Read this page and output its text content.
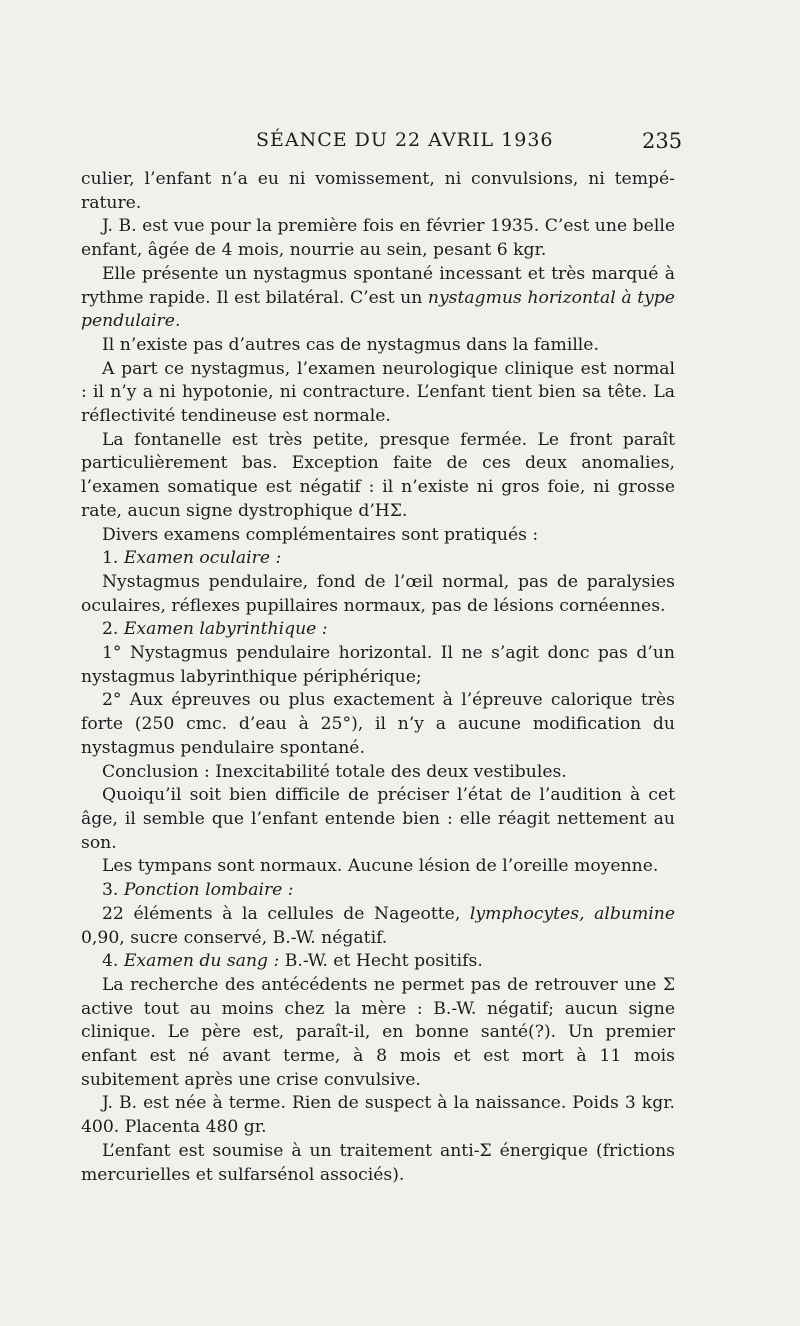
SÉANCE DU 22 AVRIL 1936	235

culier, l’enfant n’a eu ni vomissement, ni convulsions, ni tempé-rature.

J. B. est vue pour la première fois en février 1935. C’est une belle enfant, âgée de 4 mois, nourrie au sein, pesant 6 kgr.

Elle présente un nystagmus spontané incessant et très marqué à rythme rapide. Il est bilatéral. C’est un nystagmus horizontal à type pendulaire.

Il n’existe pas d’autres cas de nystagmus dans la famille.

A part ce nystagmus, l’examen neurologique clinique est normal : il n’y a ni hypotonie, ni contracture. L’enfant tient bien sa tête. La réflectivité tendineuse est normale.

La fontanelle est très petite, presque fermée. Le front paraît particulièrement bas. Exception faite de ces deux anomalies, l’examen somatique est négatif : il n’existe ni gros foie, ni grosse rate, aucun signe dystrophique d’HΣ.

Divers examens complémentaires sont pratiqués :

1. Examen oculaire :

Nystagmus pendulaire, fond de l’œil normal, pas de paralysies oculaires, réflexes pupillaires normaux, pas de lésions cornéennes.

2. Examen labyrinthique :

1° Nystagmus pendulaire horizontal. Il ne s’agit donc pas d’un nystagmus labyrinthique périphérique;

2° Aux épreuves ou plus exactement à l’épreuve calorique très forte (250 cmc. d’eau à 25°), il n’y a aucune modification du nystagmus pendulaire spontané.

Conclusion : Inexcitabilité totale des deux vestibules.

Quoiqu’il soit bien difficile de préciser l’état de l’audition à cet âge, il semble que l’enfant entende bien : elle réagit nettement au son.

Les tympans sont normaux. Aucune lésion de l’oreille moyenne.

3. Ponction lombaire :

22 éléments à la cellules de Nageotte, lymphocytes, albumine 0,90, sucre conservé, B.-W. négatif.

4. Examen du sang : B.-W. et Hecht positifs.

La recherche des antécédents ne permet pas de retrouver une Σ active tout au moins chez la mère : B.-W. négatif; aucun signe clinique. Le père est, paraît-il, en bonne santé(?). Un premier enfant est né avant terme, à 8 mois et est mort à 11 mois subitement après une crise convulsive.

J. B. est née à terme. Rien de suspect à la naissance. Poids 3 kgr. 400. Placenta 480 gr.

L’enfant est soumise à un traitement anti-Σ énergique (frictions mercurielles et sulfarsénol associés).
